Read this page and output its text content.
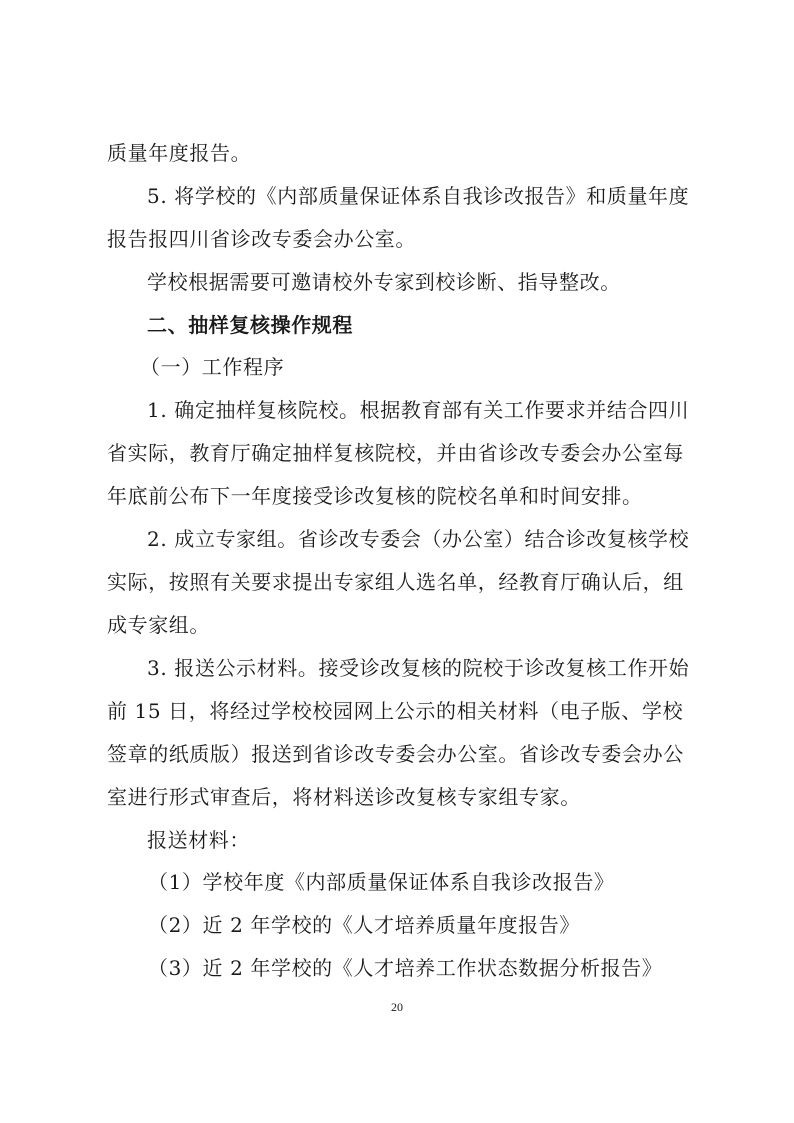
质量年度报告。
5. 将学校的《内部质量保证体系自我诊改报告》和质量年度
报告报四川省诊改专委会办公室。
学校根据需要可邀请校外专家到校诊断、指导整改。
二、抽样复核操作规程
（一）工作程序
1. 确定抽样复核院校。根据教育部有关工作要求并结合四川
省实际，教育厅确定抽样复核院校，并由省诊改专委会办公室每
年底前公布下一年度接受诊改复核的院校名单和时间安排。
2. 成立专家组。省诊改专委会（办公室）结合诊改复核学校
实际，按照有关要求提出专家组人选名单，经教育厅确认后，组
成专家组。
3. 报送公示材料。接受诊改复核的院校于诊改复核工作开始
前 15 日，将经过学校校园网上公示的相关材料（电子版、学校
签章的纸质版）报送到省诊改专委会办公室。省诊改专委会办公
室进行形式审查后，将材料送诊改复核专家组专家。
报送材料：
（1）学校年度《内部质量保证体系自我诊改报告》
（2）近 2 年学校的《人才培养质量年度报告》
（3）近 2 年学校的《人才培养工作状态数据分析报告》
20
